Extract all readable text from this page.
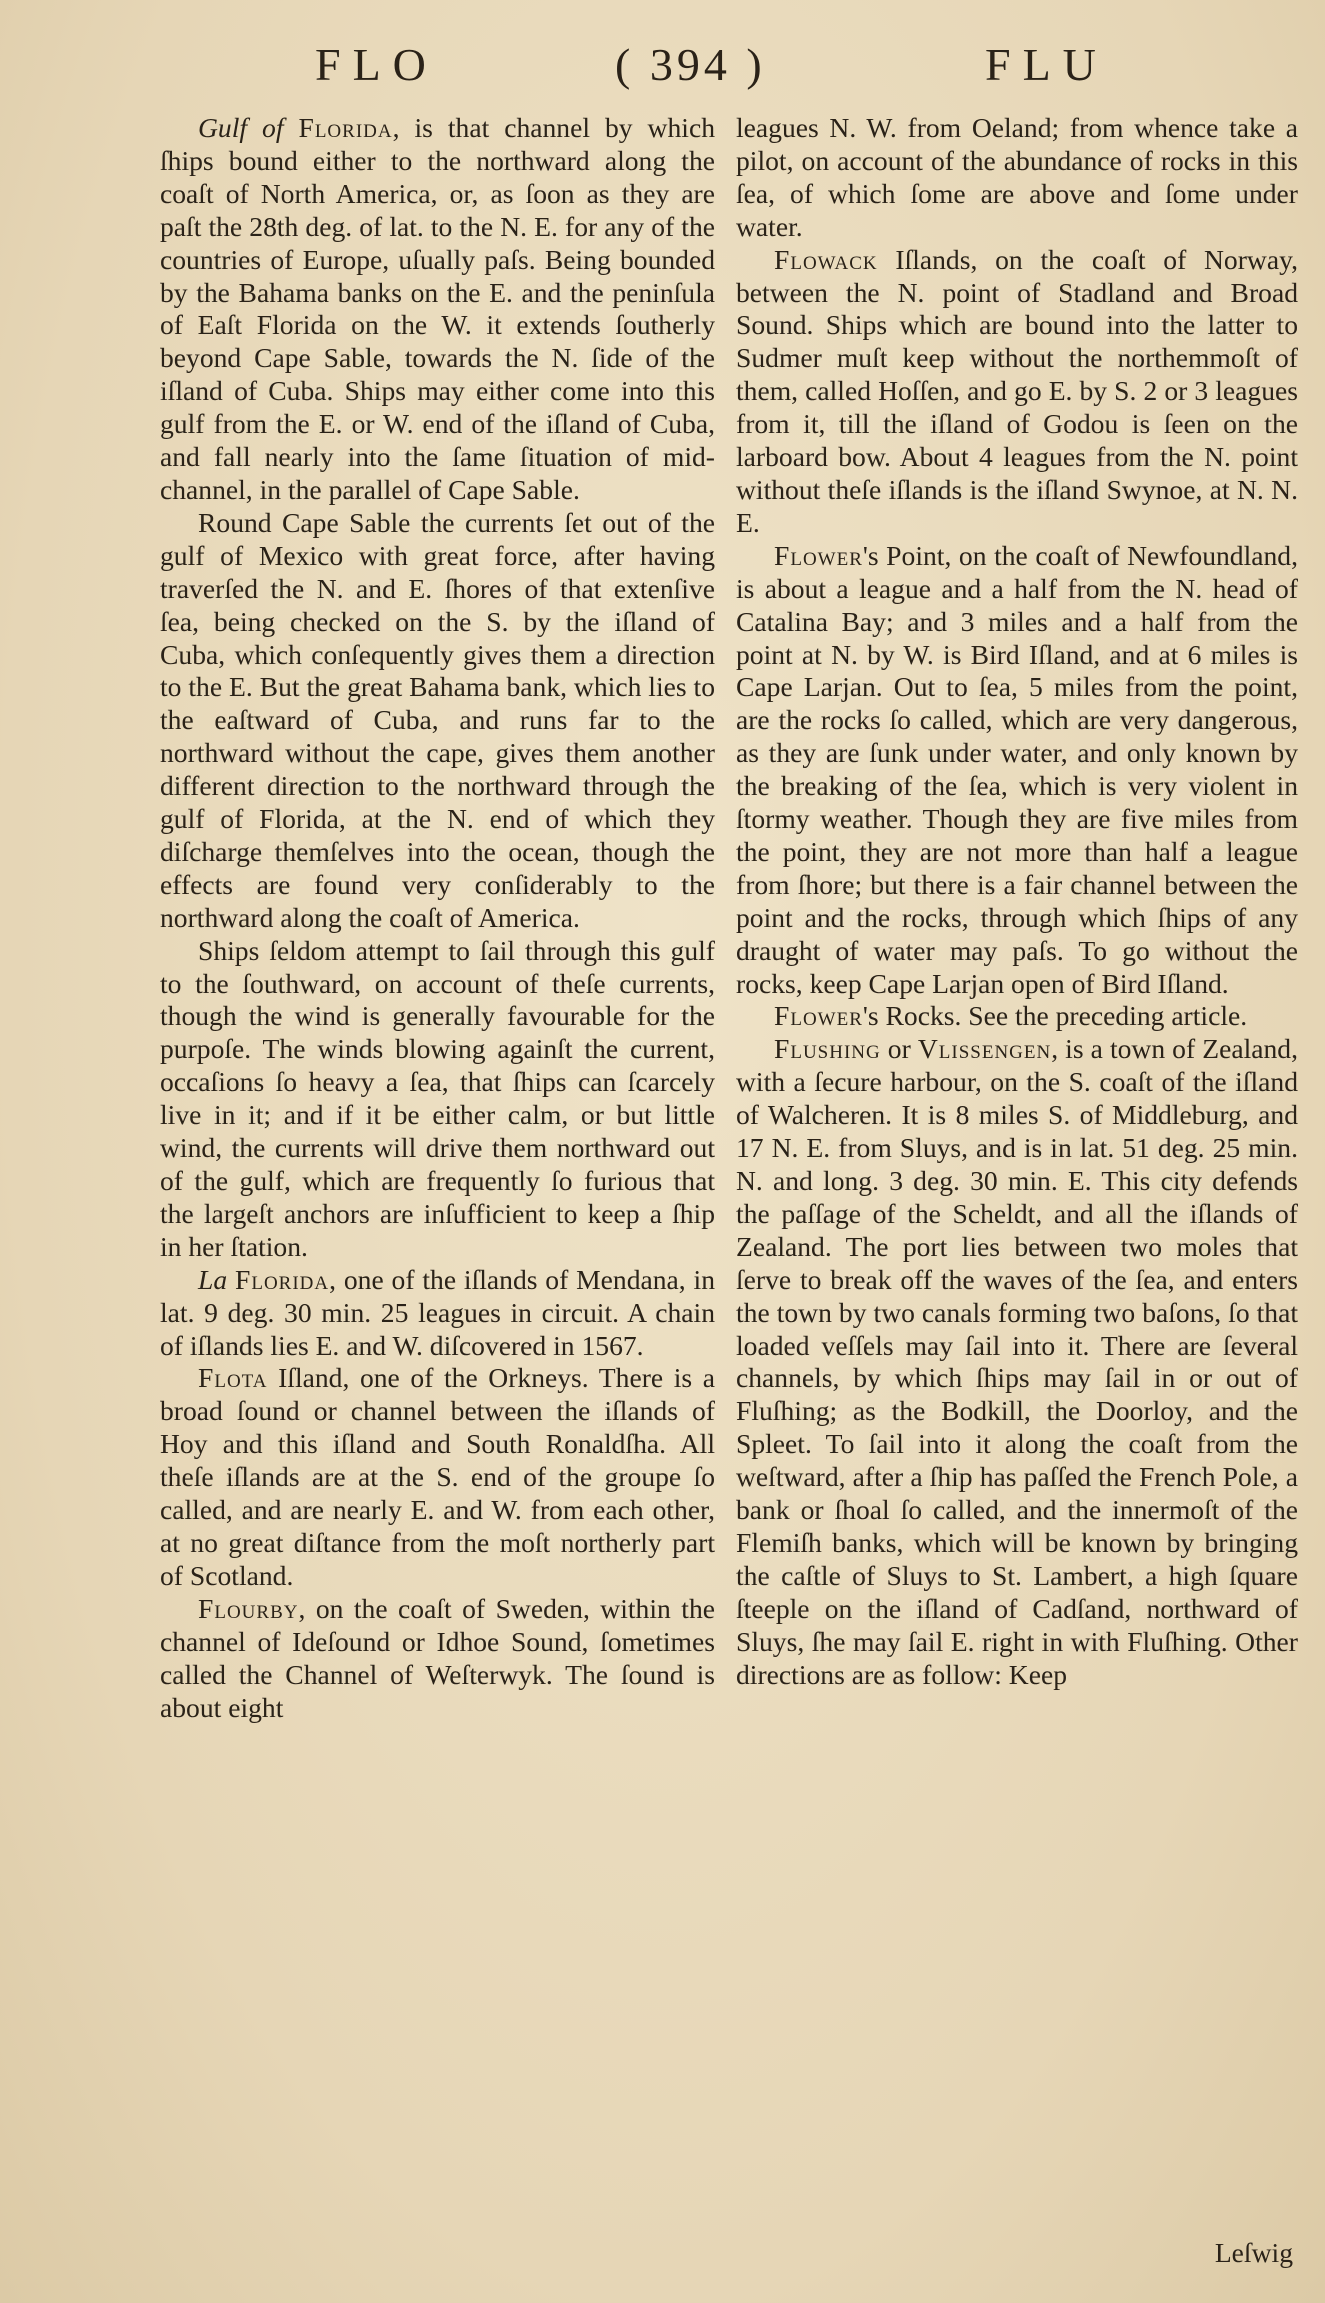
FLO	( 394 )	FLU

Gulf of Florida, is that channel by which ſhips bound either to the northward along the coaſt of North America, or, as ſoon as they are paſt the 28th deg. of lat. to the N. E. for any of the countries of Europe, uſually paſs. Being bounded by the Bahama banks on the E. and the peninſula of Eaſt Florida on the W. it extends ſoutherly beyond Cape Sable, towards the N. ſide of the iſland of Cuba. Ships may either come into this gulf from the E. or W. end of the iſland of Cuba, and fall nearly into the ſame ſituation of mid-channel, in the parallel of Cape Sable.

Round Cape Sable the currents ſet out of the gulf of Mexico with great force, after having traverſed the N. and E. ſhores of that extenſive ſea, being checked on the S. by the iſland of Cuba, which conſequently gives them a direction to the E. But the great Bahama bank, which lies to the eaſtward of Cuba, and runs far to the northward without the cape, gives them another different direction to the northward through the gulf of Florida, at the N. end of which they diſcharge themſelves into the ocean, though the effects are found very conſiderably to the northward along the coaſt of America.

Ships ſeldom attempt to ſail through this gulf to the ſouthward, on account of theſe currents, though the wind is generally favourable for the purpoſe. The winds blowing againſt the current, occaſions ſo heavy a ſea, that ſhips can ſcarcely live in it; and if it be either calm, or but little wind, the currents will drive them northward out of the gulf, which are frequently ſo furious that the largeſt anchors are inſufficient to keep a ſhip in her ſtation.

La Florida, one of the iſlands of Mendana, in lat. 9 deg. 30 min. 25 leagues in circuit. A chain of iſlands lies E. and W. diſcovered in 1567.

Flota Iſland, one of the Orkneys. There is a broad ſound or channel between the iſlands of Hoy and this iſland and South Ronaldſha. All theſe iſlands are at the S. end of the groupe ſo called, and are nearly E. and W. from each other, at no great diſtance from the moſt northerly part of Scotland.

Flourby, on the coaſt of Sweden, within the channel of Ideſound or Idhoe Sound, ſometimes called the Channel of Weſterwyk. The ſound is about eight

leagues N. W. from Oeland; from whence take a pilot, on account of the abundance of rocks in this ſea, of which ſome are above and ſome under water.

Flowack Iſlands, on the coaſt of Norway, between the N. point of Stadland and Broad Sound. Ships which are bound into the latter to Sudmer muſt keep without the northemmoſt of them, called Hoſſen, and go E. by S. 2 or 3 leagues from it, till the iſland of Godou is ſeen on the larboard bow. About 4 leagues from the N. point without theſe iſlands is the iſland Swynoe, at N. N. E.

Flower's Point, on the coaſt of Newfoundland, is about a league and a half from the N. head of Catalina Bay; and 3 miles and a half from the point at N. by W. is Bird Iſland, and at 6 miles is Cape Larjan. Out to ſea, 5 miles from the point, are the rocks ſo called, which are very dangerous, as they are ſunk under water, and only known by the breaking of the ſea, which is very violent in ſtormy weather. Though they are five miles from the point, they are not more than half a league from ſhore; but there is a fair channel between the point and the rocks, through which ſhips of any draught of water may paſs. To go without the rocks, keep Cape Larjan open of Bird Iſland.

Flower's Rocks. See the preceding article.

Flushing or Vlissengen, is a town of Zealand, with a ſecure harbour, on the S. coaſt of the iſland of Walcheren. It is 8 miles S. of Middleburg, and 17 N. E. from Sluys, and is in lat. 51 deg. 25 min. N. and long. 3 deg. 30 min. E. This city defends the paſſage of the Scheldt, and all the iſlands of Zealand. The port lies between two moles that ſerve to break off the waves of the ſea, and enters the town by two canals forming two baſons, ſo that loaded veſſels may ſail into it. There are ſeveral channels, by which ſhips may ſail in or out of Fluſhing; as the Bodkill, the Doorloy, and the Spleet. To ſail into it along the coaſt from the weſtward, after a ſhip has paſſed the French Pole, a bank or ſhoal ſo called, and the innermoſt of the Flemiſh banks, which will be known by bringing the caſtle of Sluys to St. Lambert, a high ſquare ſteeple on the iſland of Cadſand, northward of Sluys, ſhe may ſail E. right in with Fluſhing. Other directions are as follow: Keep

Leſwig
